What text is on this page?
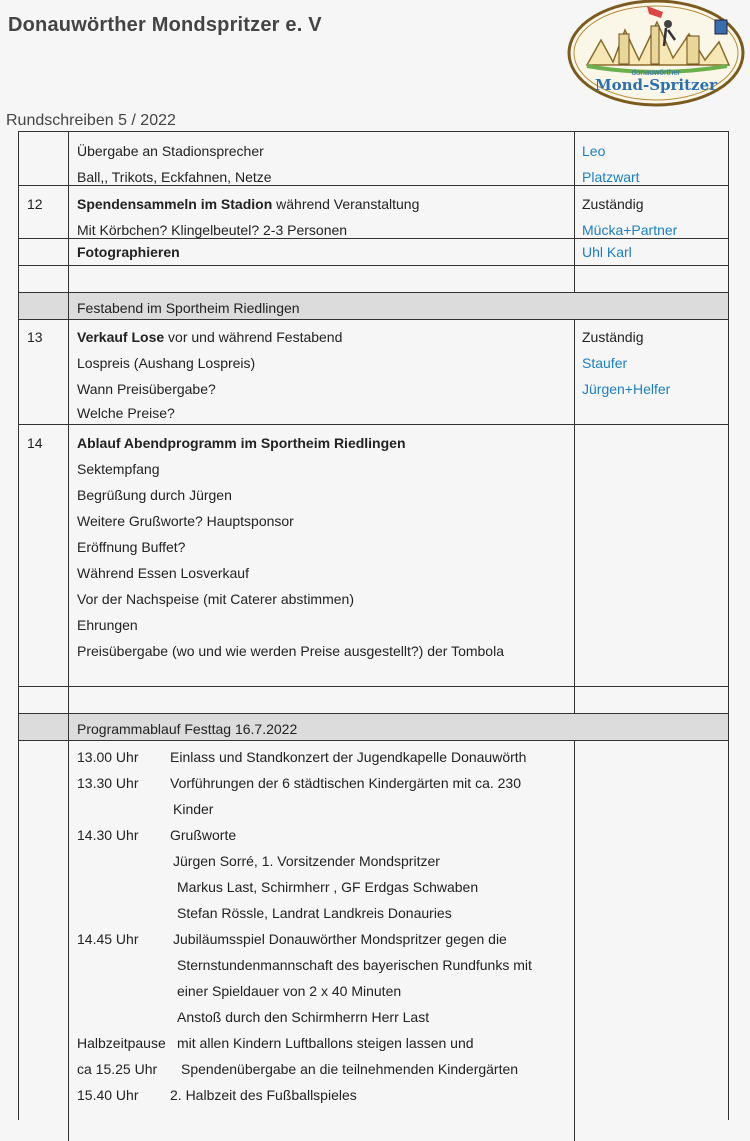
Donauwörther Mondspritzer e. V
donauwörther
Mond-Spritzer
Rundschreiben 5 / 2022
Übergabe an Stadionsprecher
Ball,, Trikots, Eckfahnen, Netze
Leo
Platzwart
12 Spendensammeln im Stadion während Veranstaltung
Mit Körbchen? Klingelbeutel? 2-3 Personen
Zuständig
Mücka+Partner
Fotographieren	Uhl Karl
Festabend im Sportheim Riedlingen
13 Verkauf Lose vor und während Festabend
Lospreis (Aushang Lospreis)
Wann Preisübergabe?
Welche Preise?
Zuständig
Staufer
Jürgen+Helfer
14 Ablauf Abendprogramm im Sportheim Riedlingen
Sektempfang
Begrüßung durch Jürgen
Weitere Grußworte? Hauptsponsor
Eröffnung Buffet?
Während Essen Losverkauf
Vor der Nachspeise (mit Caterer abstimmen)
Ehrungen
Preisübergabe (wo und wie werden Preise ausgestellt?) der Tombola
Programmablauf Festtag 16.7.2022
13.00 Uhr Einlass und Standkonzert der Jugendkapelle Donauwörth
13.30 Uhr Vorführungen der 6 städtischen Kindergärten mit ca. 230
Kinder
14.30 Uhr Grußworte
Jürgen Sorré, 1. Vorsitzender Mondspritzer
Markus Last, Schirmherr , GF Erdgas Schwaben
Stefan Rössle, Landrat Landkreis Donauries
14.45 Uhr Jubiläumsspiel Donauwörther Mondspritzer gegen die
Sternstundenmannschaft des bayerischen Rundfunks mit
einer Spieldauer von 2 x 40 Minuten
Anstoß durch den Schirmherrn Herr Last
Halbzeitpause mit allen Kindern Luftballons steigen lassen und
ca 15.25 Uhr Spendenübergabe an die teilnehmenden Kindergärten
15.40 Uhr 2. Halbzeit des Fußballspieles
